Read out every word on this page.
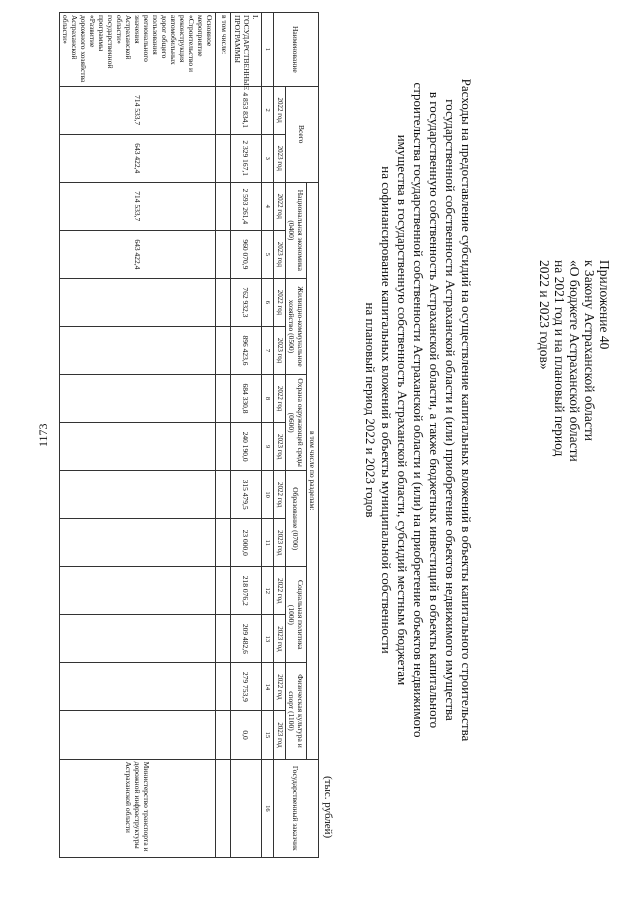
1173
Приложение 40
к Закону Астраханской области
«О бюджете Астраханской области
на 2021 год и на плановый период
2022 и 2023 годов»
Расходы на предоставление субсидий на осуществление капитальных вложений в объекты капитального строительства
государственной собственности Астраханской области и (или) приобретение объектов недвижимого имущества
в государственную собственность Астраханской области, а также бюджетных инвестиций в объекты капитального
строительства государственной собственности Астраханской области и (или) на приобретение объектов недвижимого
имущества в государственную собственность Астраханской области, субсидий местным бюджетам
на софинансирование капитальных вложений в объекты муниципальной собственности
на плановый период 2022 и 2023 годов
(тыс. рублей)
Наименование	Всего		в том числе по разделам:												Государственный заказчик
			Национальная экономика (0400)		Жилищно-коммунальное хозяйство (0500)		Охрана окружающей среды (0600)		Образование (0700)		Социальная политика (1000)		Физическая культура и спорт (1100)		
	2022 год	2023 год	2022 год	2023 год	2022 год	2023 год	2022 год	2023 год	2022 год	2023 год	2022 год	2023 год	2022 год	2023 год	
1	2	3	4	5	6	7	8	9	10	11	12	13	14	15	16
I. ГОСУДАРСТВЕННЫЕ ПРОГРАММЫ	4 853 834,1	2 329 167,1	2 593 261,4	960 070,9	762 932,3	896 423,6	684 330,8	240 190,0	315 479,5	23 000,0	218 076,2	209 482,6	279 753,9	0,0	
в том числе:															
Основное мероприятие «Строительство и реконструкция автомобильных дорог общего пользования регионального значения Астраханской области» государственной программы «Развитие дорожного хозяйства Астраханской области»	714 533,7	643 422,4	714 533,7	643 422,4											Министерство транспорта и дорожной инфраструктуры Астраханской области
